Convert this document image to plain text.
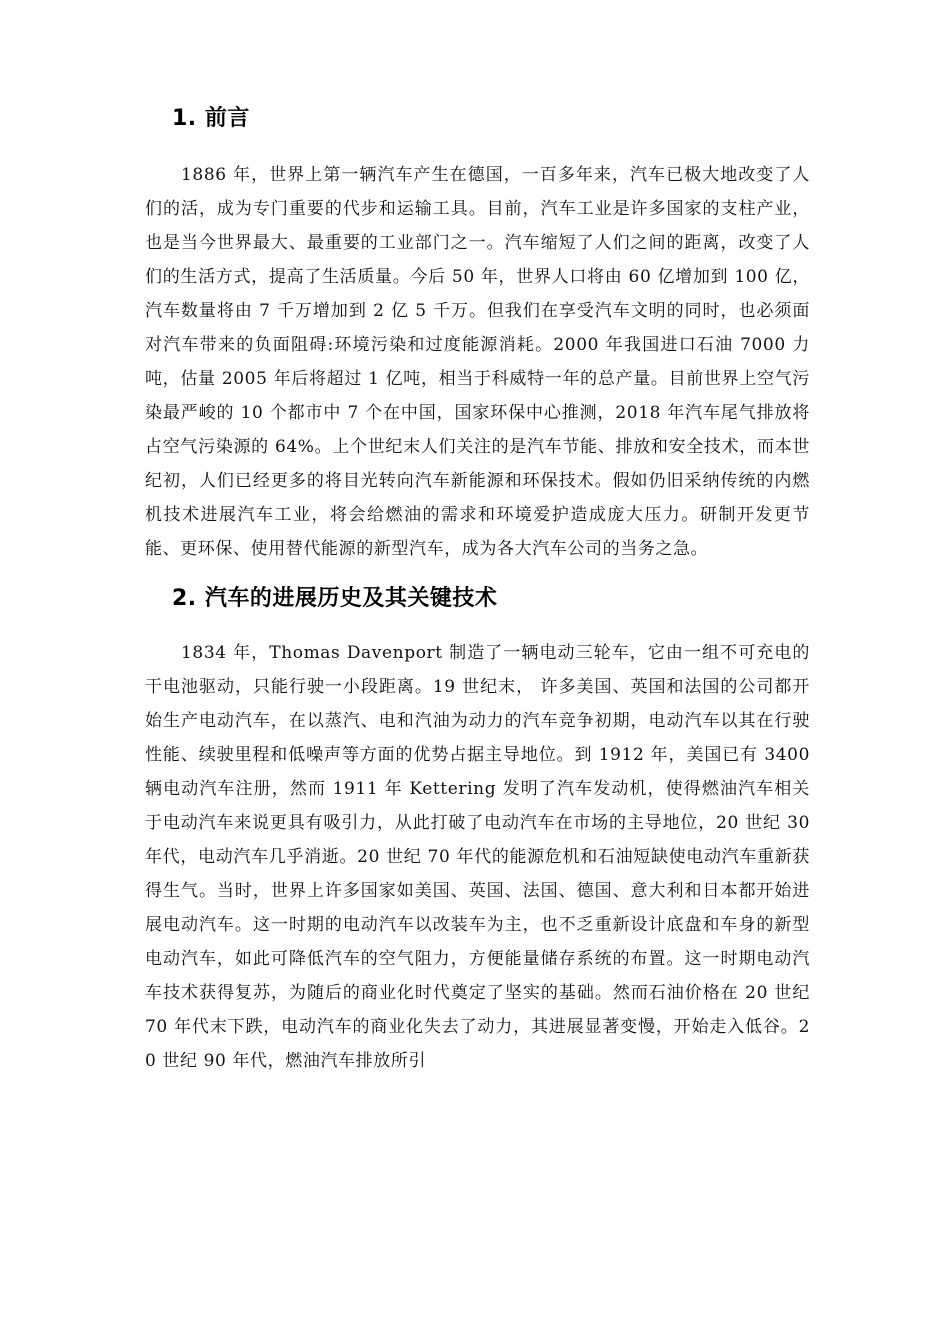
1. 前言

1886 年，世界上第一辆汽车产生在德国，一百多年来，汽车已极大地改变了人们的活，成为专门重要的代步和运输工具。目前，汽车工业是许多国家的支柱产业，也是当今世界最大、最重要的工业部门之一。汽车缩短了人们之间的距离，改变了人们的生活方式，提高了生活质量。今后 50 年，世界人口将由 60 亿增加到 100 亿，汽车数量将由 7 千万增加到 2 亿 5 千万。但我们在享受汽车文明的同时，也必须面对汽车带来的负面阻碍:环境污染和过度能源消耗。2000 年我国进口石油 7000 力吨，估量 2005 年后将超过 1 亿吨，相当于科威特一年的总产量。目前世界上空气污染最严峻的 10 个都市中 7 个在中国，国家环保中心推测，2018 年汽车尾气排放将占空气污染源的 64%。上个世纪末人们关注的是汽车节能、排放和安全技术，而本世纪初，人们已经更多的将目光转向汽车新能源和环保技术。假如仍旧采纳传统的内燃机技术进展汽车工业，将会给燃油的需求和环境爱护造成庞大压力。研制开发更节能、更环保、使用替代能源的新型汽车，成为各大汽车公司的当务之急。

2. 汽车的进展历史及其关键技术

1834 年，Thomas Davenport 制造了一辆电动三轮车，它由一组不可充电的干电池驱动，只能行驶一小段距离。19 世纪末， 许多美国、英国和法国的公司都开始生产电动汽车，在以蒸汽、电和汽油为动力的汽车竞争初期，电动汽车以其在行驶性能、续驶里程和低噪声等方面的优势占据主导地位。到 1912 年，美国已有 3400 辆电动汽车注册，然而 1911 年 Kettering 发明了汽车发动机，使得燃油汽车相关于电动汽车来说更具有吸引力，从此打破了电动汽车在市场的主导地位，20 世纪 30 年代，电动汽车几乎消逝。20 世纪 70 年代的能源危机和石油短缺使电动汽车重新获得生气。当时，世界上许多国家如美国、英国、法国、德国、意大利和日本都开始进展电动汽车。这一时期的电动汽车以改装车为主，也不乏重新设计底盘和车身的新型电动汽车，如此可降低汽车的空气阻力，方便能量储存系统的布置。这一时期电动汽车技术获得复苏，为随后的商业化时代奠定了坚实的基础。然而石油价格在 20 世纪 70 年代末下跌，电动汽车的商业化失去了动力，其进展显著变慢，开始走入低谷。20 世纪 90 年代，燃油汽车排放所引
